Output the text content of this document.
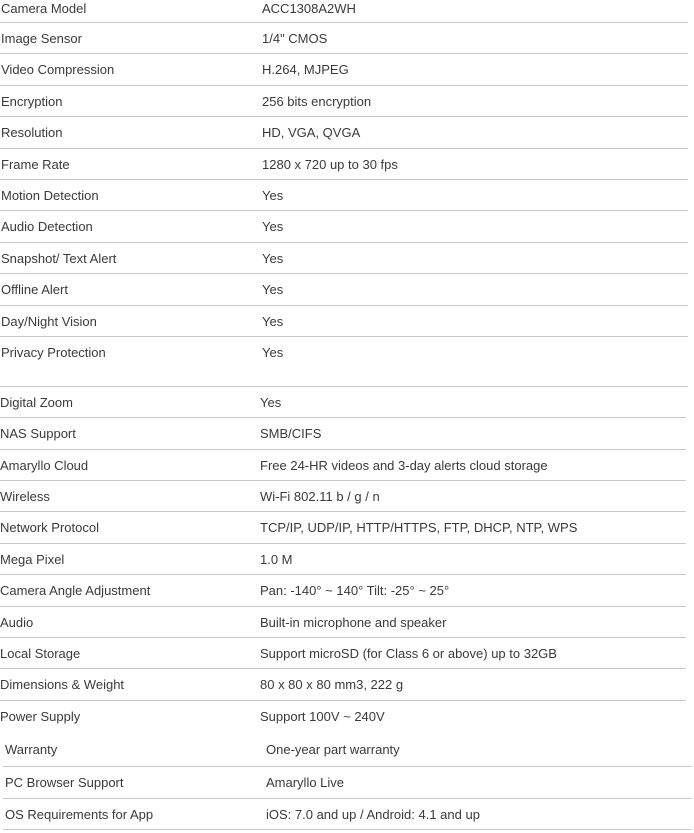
Camera Model	ACC1308A2WH
Image Sensor	1/4" CMOS
Video Compression	H.264, MJPEG
Encryption	256 bits encryption
Resolution	HD, VGA, QVGA
Frame Rate	1280 x 720 up to 30 fps
Motion Detection	Yes
Audio Detection	Yes
Snapshot/ Text Alert	Yes
Offline Alert	Yes
Day/Night Vision	Yes
Privacy Protection	Yes
Digital Zoom	Yes
NAS Support	SMB/CIFS
Amaryllo Cloud	Free 24-HR videos and 3-day alerts cloud storage
Wireless	Wi-Fi 802.11 b / g / n
Network Protocol	TCP/IP, UDP/IP, HTTP/HTTPS, FTP, DHCP, NTP, WPS
Mega Pixel	1.0 M
Camera Angle Adjustment	Pan: -140° ~ 140° Tilt: -25° ~ 25°
Audio	Built-in microphone and speaker
Local Storage	Support microSD (for Class 6 or above) up to 32GB
Dimensions & Weight	80 x 80 x 80 mm3, 222 g
Power Supply	Support 100V ~ 240V
Warranty	One-year part warranty
PC Browser Support	Amaryllo Live
OS Requirements for App	iOS: 7.0 and up / Android: 4.1 and up
